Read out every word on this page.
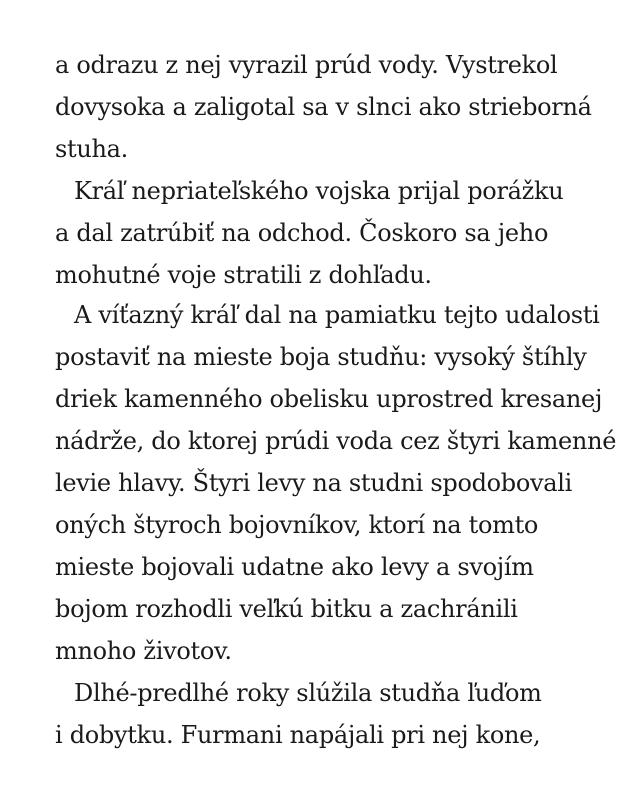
a odrazu z nej vyrazil prúd vody. Vystrekol
dovysoka a zaligotal sa v slnci ako strieborná
stuha.
Kráľ nepriateľského vojska prijal porážku
a dal zatrúbiť na odchod. Čoskoro sa jeho
mohutné voje stratili z dohľadu.
A víťazný kráľ dal na pamiatku tejto udalosti
postaviť na mieste boja studňu: vysoký štíhly
driek kamenného obelisku uprostred kresanej
nádrže, do ktorej prúdi voda cez štyri kamenné
levie hlavy. Štyri levy na studni spodobovali
oných štyroch bojovníkov, ktorí na tomto
mieste bojovali udatne ako levy a svojím
bojom rozhodli veľkú bitku a zachránili
mnoho životov.
Dlhé-predlhé roky slúžila studňa ľuďom
i dobytku. Furmani napájali pri nej kone,
